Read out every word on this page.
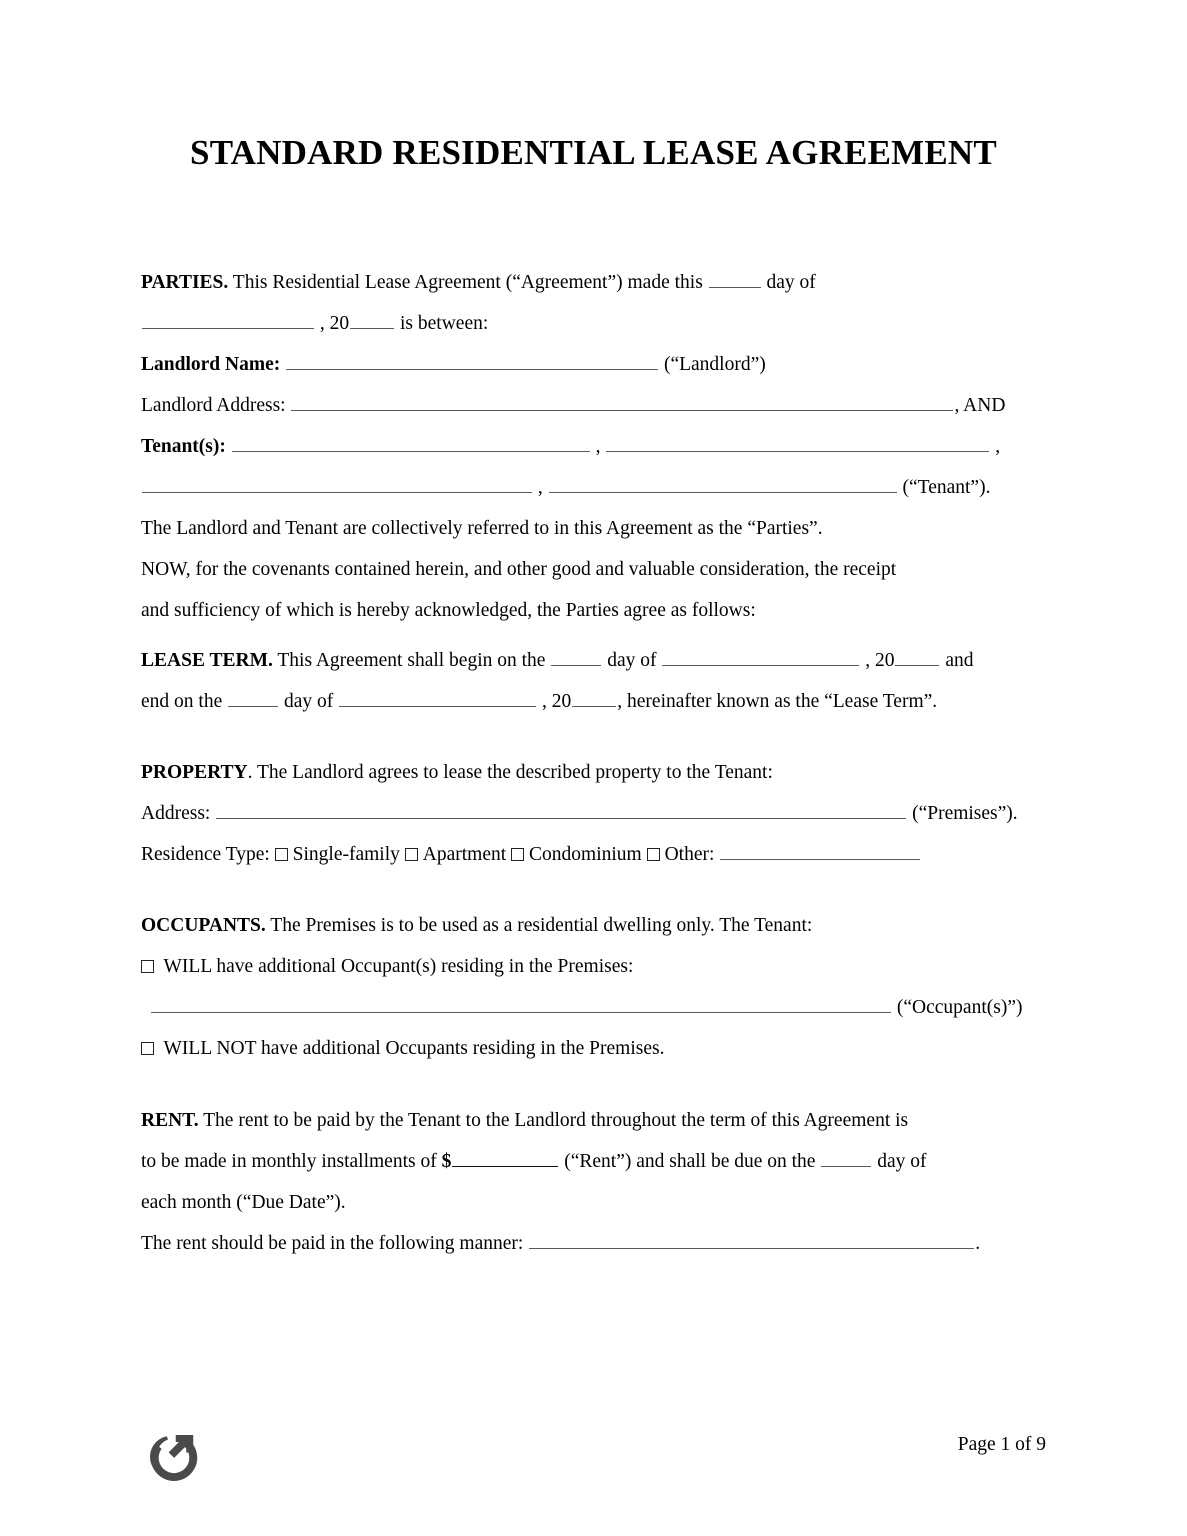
STANDARD RESIDENTIAL LEASE AGREEMENT
PARTIES. This Residential Lease Agreement (“Agreement”) made this	day of
, 20 is between:
Landlord Name:	(“Landlord”)
Landlord Address:	, AND
Tenant(s):	,	,
,	(“Tenant”).
The Landlord and Tenant are collectively referred to in this Agreement as the “Parties”.
NOW, for the covenants contained herein, and other good and valuable consideration, the receipt
and sufficiency of which is hereby acknowledged, the Parties agree as follows:
LEASE TERM. This Agreement shall begin on the	day of	, 20 and
end on the	day of	, 20 , hereinafter known as the “Lease Term”.
PROPERTY. The Landlord agrees to lease the described property to the Tenant:
Address:	(“Premises”).
Residence Type: Single-family Apartment Condominium Other:
OCCUPANTS. The Premises is to be used as a residential dwelling only. The Tenant:
WILL have additional Occupant(s) residing in the Premises:
(“Occupant(s)”)
WILL NOT have additional Occupants residing in the Premises.
RENT. The rent to be paid by the Tenant to the Landlord throughout the term of this Agreement is
to be made in monthly installments of $	(“Rent”) and shall be due on the	day of
each month (“Due Date”).
The rent should be paid in the following manner:	.
Page 1 of 9
